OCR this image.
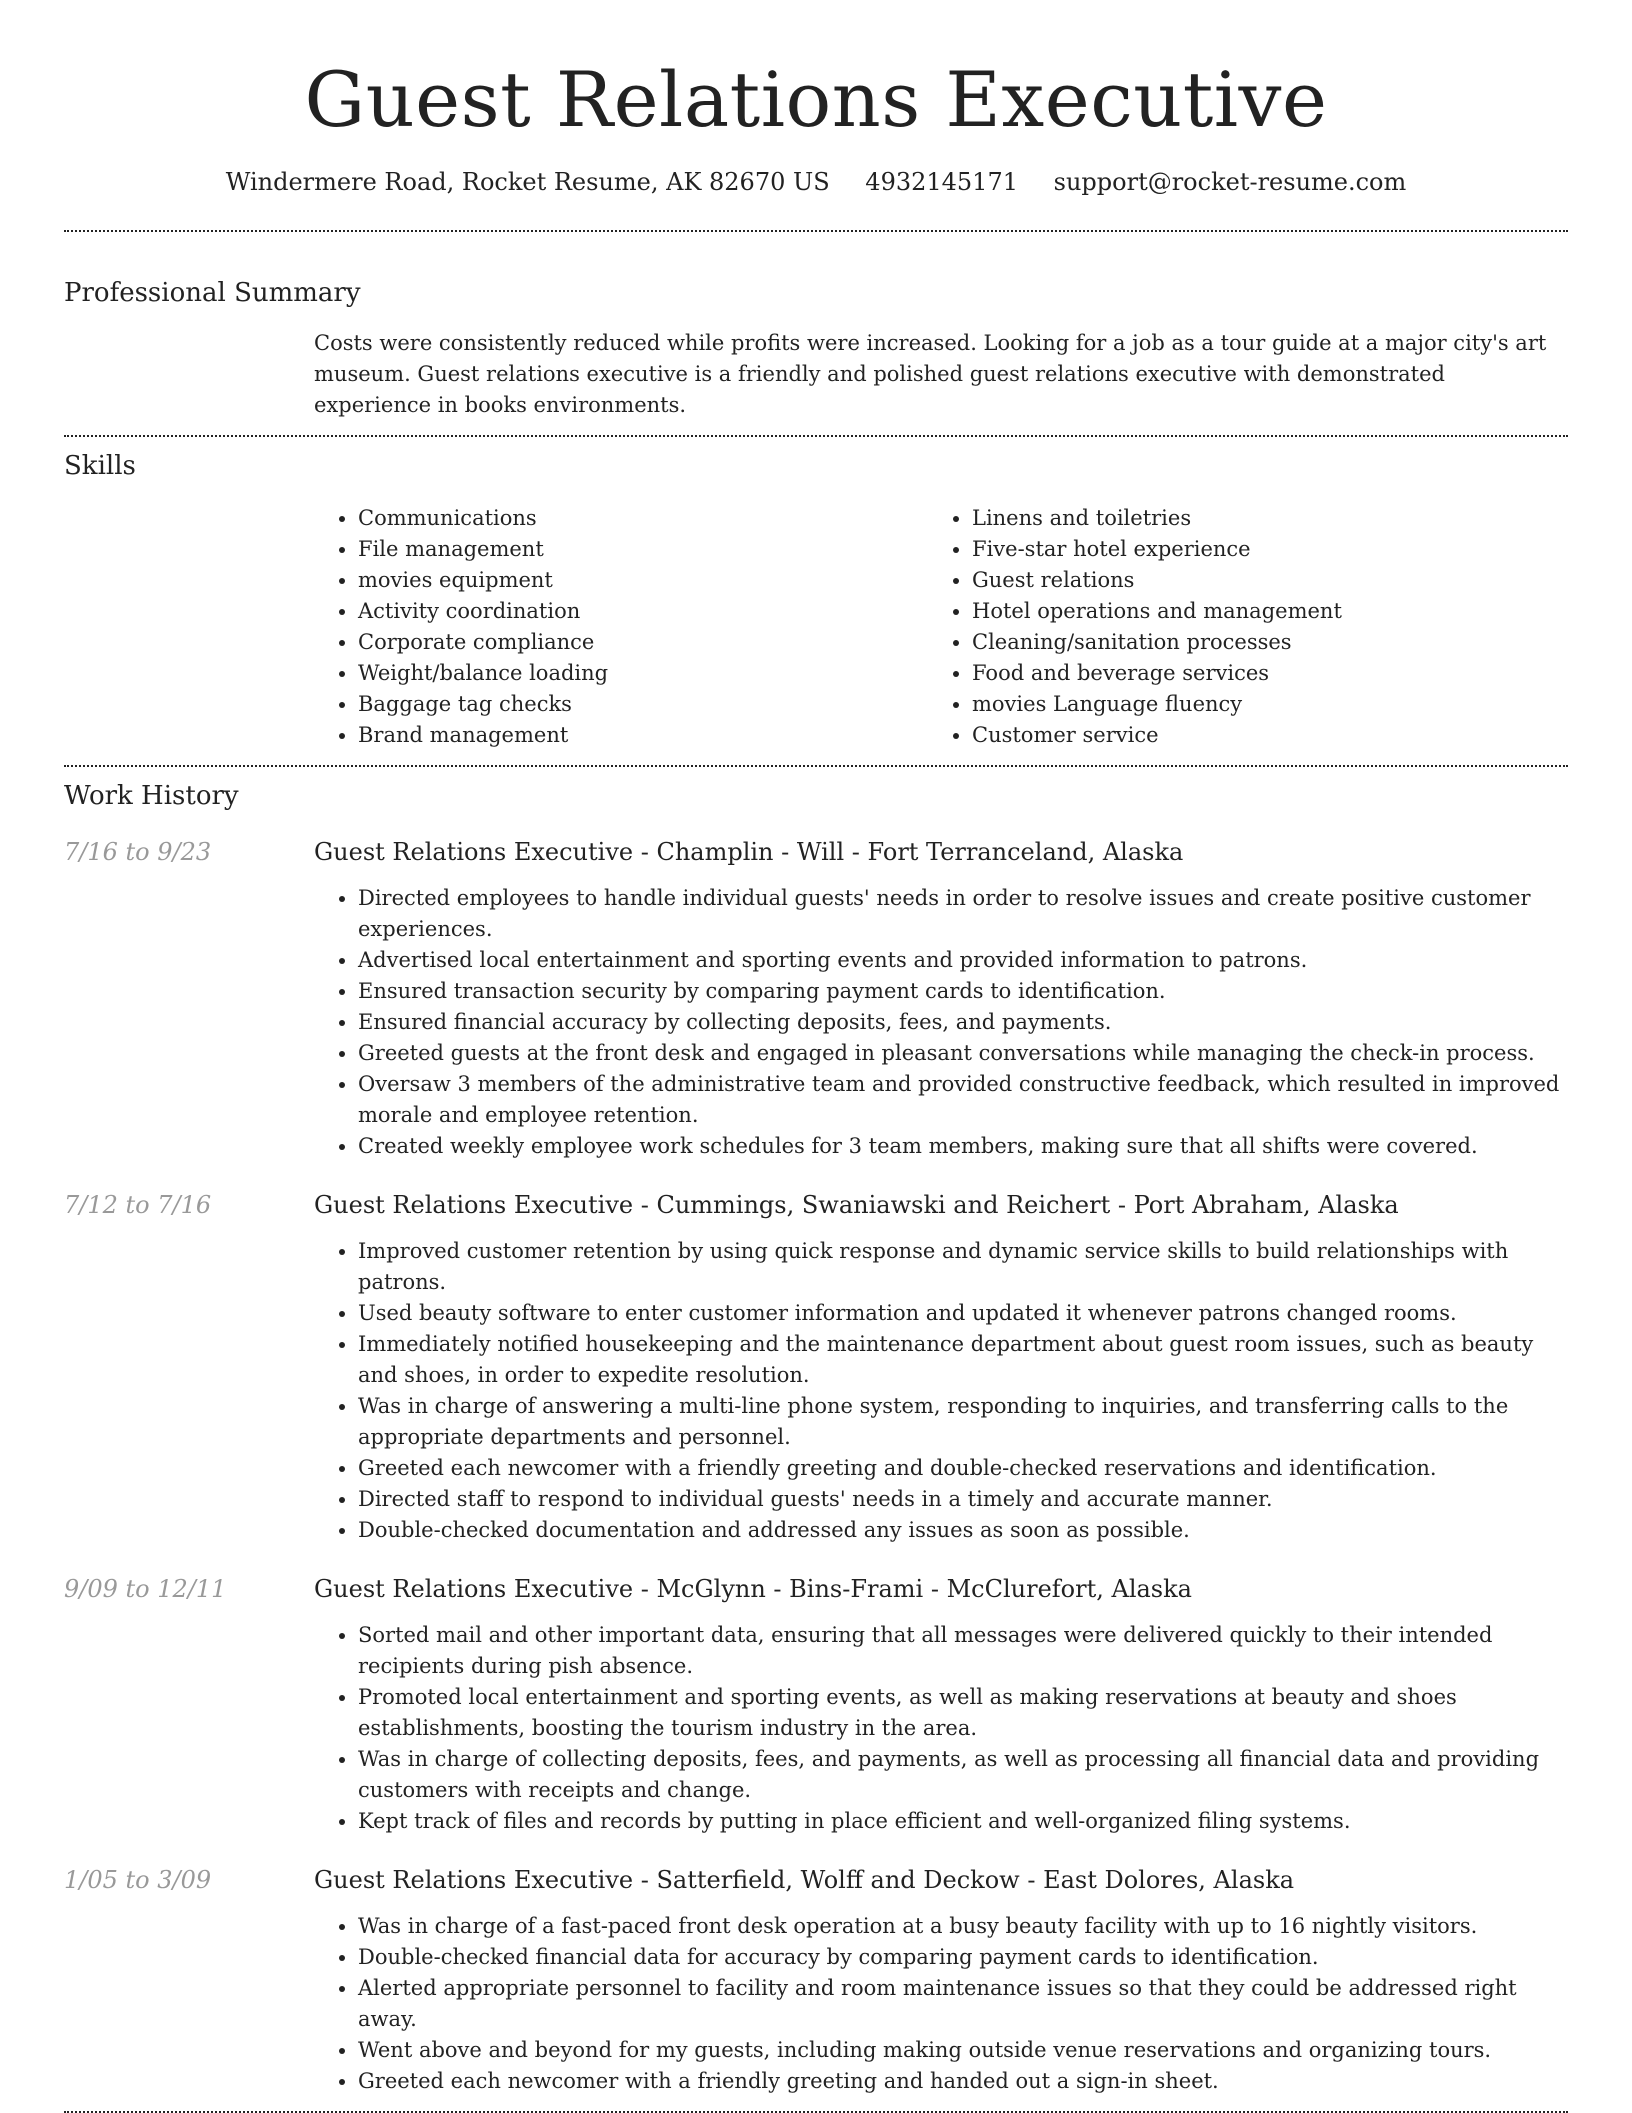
Guest Relations Executive
Windermere Road, Rocket Resume, AK 82670 US 4932145171 support@rocket-resume.com
Professional Summary

Costs were consistently reduced while profits were increased. Looking for a job as a tour guide at a major city's art museum. Guest relations executive is a friendly and polished guest relations executive with demonstrated experience in books environments.

Skills
• Communications
• File management
• movies equipment
• Activity coordination
• Corporate compliance
• Weight/balance loading
• Baggage tag checks
• Brand management
• Linens and toiletries
• Five-star hotel experience
• Guest relations
• Hotel operations and management
• Cleaning/sanitation processes
• Food and beverage services
• movies Language fluency
• Customer service
Work History
7/16 to 9/23	Guest Relations Executive - Champlin - Will - Fort Terranceland, Alaska
• Directed employees to handle individual guests' needs in order to resolve issues and create positive customer experiences.
• Advertised local entertainment and sporting events and provided information to patrons.
• Ensured transaction security by comparing payment cards to identification.
• Ensured financial accuracy by collecting deposits, fees, and payments.
• Greeted guests at the front desk and engaged in pleasant conversations while managing the check-in process.
• Oversaw 3 members of the administrative team and provided constructive feedback, which resulted in improved morale and employee retention.
• Created weekly employee work schedules for 3 team members, making sure that all shifts were covered.
7/12 to 7/16	Guest Relations Executive - Cummings, Swaniawski and Reichert - Port Abraham, Alaska
• Improved customer retention by using quick response and dynamic service skills to build relationships with patrons.
• Used beauty software to enter customer information and updated it whenever patrons changed rooms.
• Immediately notified housekeeping and the maintenance department about guest room issues, such as beauty and shoes, in order to expedite resolution.
• Was in charge of answering a multi-line phone system, responding to inquiries, and transferring calls to the appropriate departments and personnel.
• Greeted each newcomer with a friendly greeting and double-checked reservations and identification.
• Directed staff to respond to individual guests' needs in a timely and accurate manner.
• Double-checked documentation and addressed any issues as soon as possible.
9/09 to 12/11	Guest Relations Executive - McGlynn - Bins-Frami - McClurefort, Alaska
• Sorted mail and other important data, ensuring that all messages were delivered quickly to their intended recipients during pish absence.
• Promoted local entertainment and sporting events, as well as making reservations at beauty and shoes establishments, boosting the tourism industry in the area.
• Was in charge of collecting deposits, fees, and payments, as well as processing all financial data and providing customers with receipts and change.
• Kept track of files and records by putting in place efficient and well-organized filing systems.
1/05 to 3/09	Guest Relations Executive - Satterfield, Wolff and Deckow - East Dolores, Alaska
• Was in charge of a fast-paced front desk operation at a busy beauty facility with up to 16 nightly visitors.
• Double-checked financial data for accuracy by comparing payment cards to identification.
• Alerted appropriate personnel to facility and room maintenance issues so that they could be addressed right away.
• Went above and beyond for my guests, including making outside venue reservations and organizing tours.
• Greeted each newcomer with a friendly greeting and handed out a sign-in sheet.
